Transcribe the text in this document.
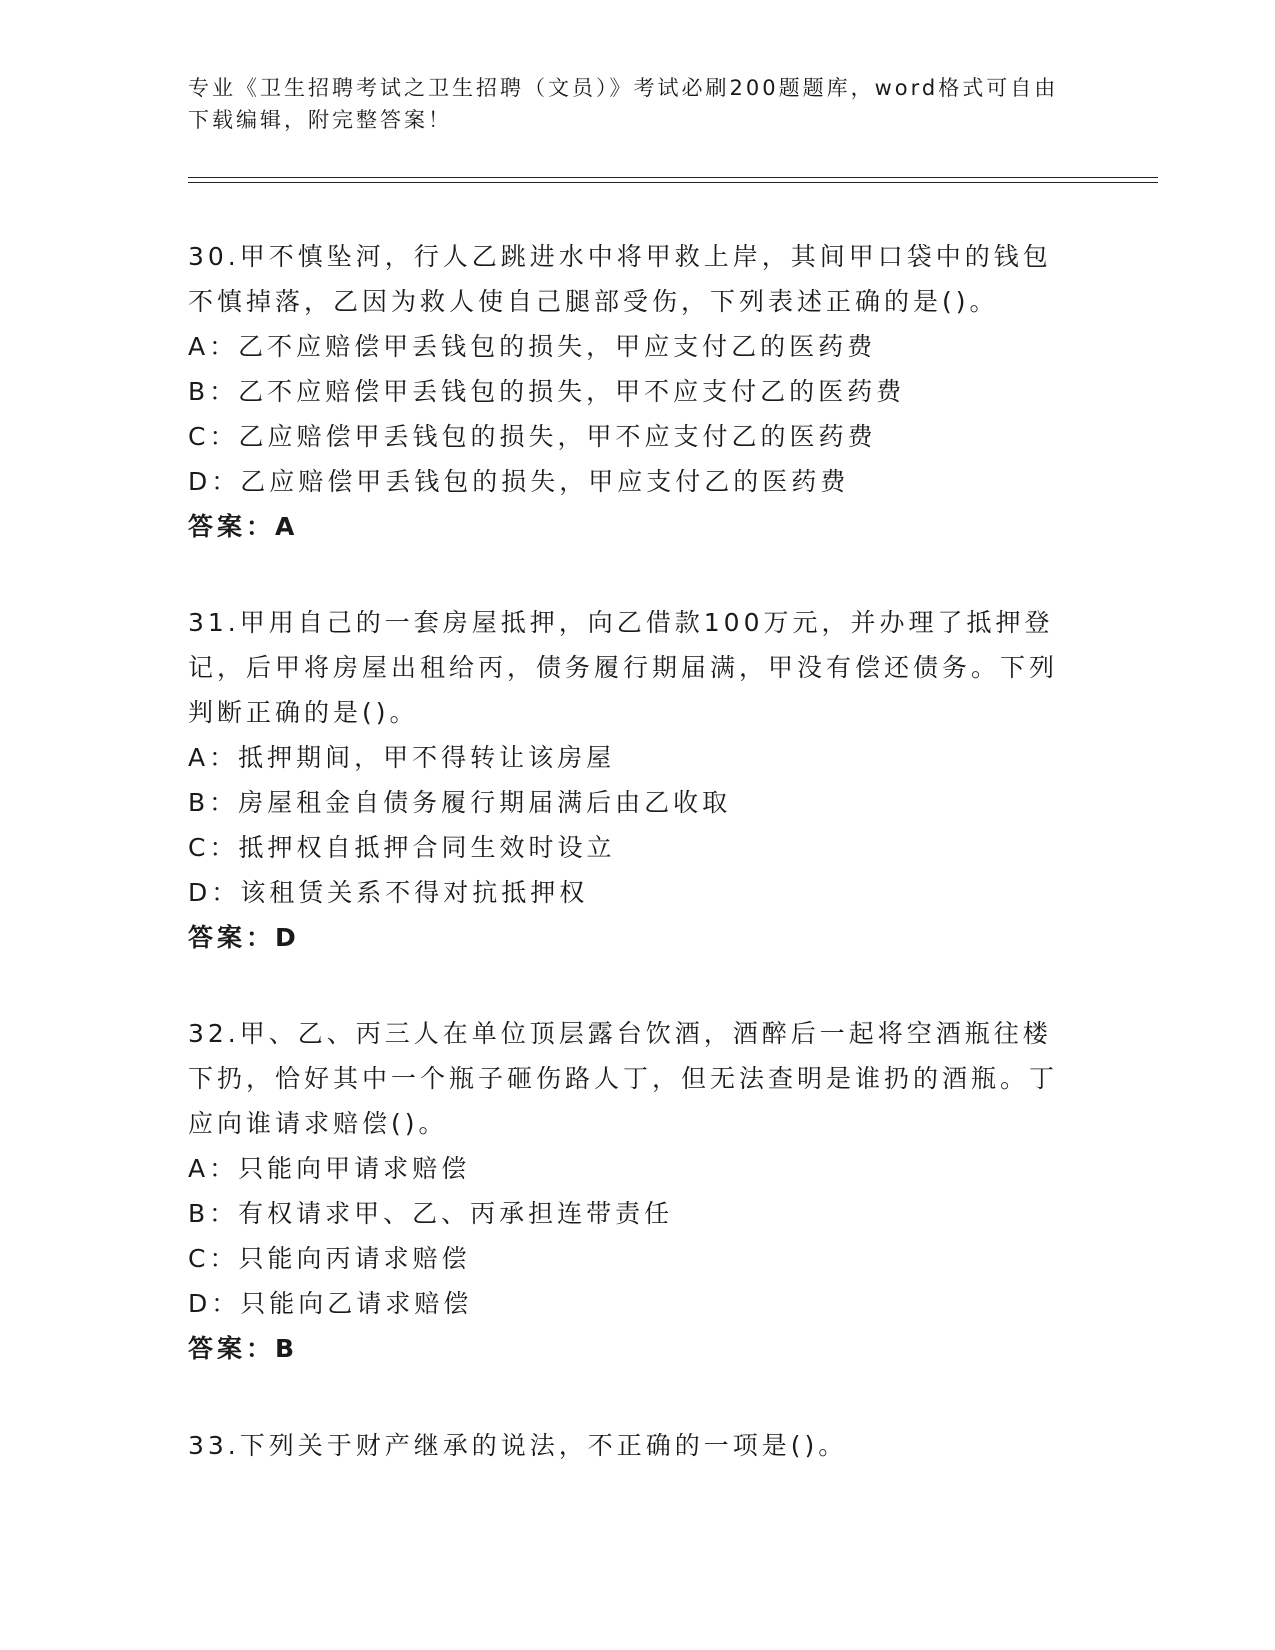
专业《卫生招聘考试之卫生招聘（文员）》考试必刷200题题库，word格式可自由下载编辑，附完整答案！
30.甲不慎坠河，行人乙跳进水中将甲救上岸，其间甲口袋中的钱包不慎掉落，乙因为救人使自己腿部受伤，下列表述正确的是()。
A：乙不应赔偿甲丢钱包的损失，甲应支付乙的医药费
B：乙不应赔偿甲丢钱包的损失，甲不应支付乙的医药费
C：乙应赔偿甲丢钱包的损失，甲不应支付乙的医药费
D：乙应赔偿甲丢钱包的损失，甲应支付乙的医药费
答案：A
31.甲用自己的一套房屋抵押，向乙借款100万元，并办理了抵押登记，后甲将房屋出租给丙，债务履行期届满，甲没有偿还债务。下列判断正确的是()。
A：抵押期间，甲不得转让该房屋
B：房屋租金自债务履行期届满后由乙收取
C：抵押权自抵押合同生效时设立
D：该租赁关系不得对抗抵押权
答案：D
32.甲、乙、丙三人在单位顶层露台饮酒，酒醉后一起将空酒瓶往楼下扔，恰好其中一个瓶子砸伤路人丁，但无法查明是谁扔的酒瓶。丁应向谁请求赔偿()。
A：只能向甲请求赔偿
B：有权请求甲、乙、丙承担连带责任
C：只能向丙请求赔偿
D：只能向乙请求赔偿
答案：B
33.下列关于财产继承的说法，不正确的一项是()。
